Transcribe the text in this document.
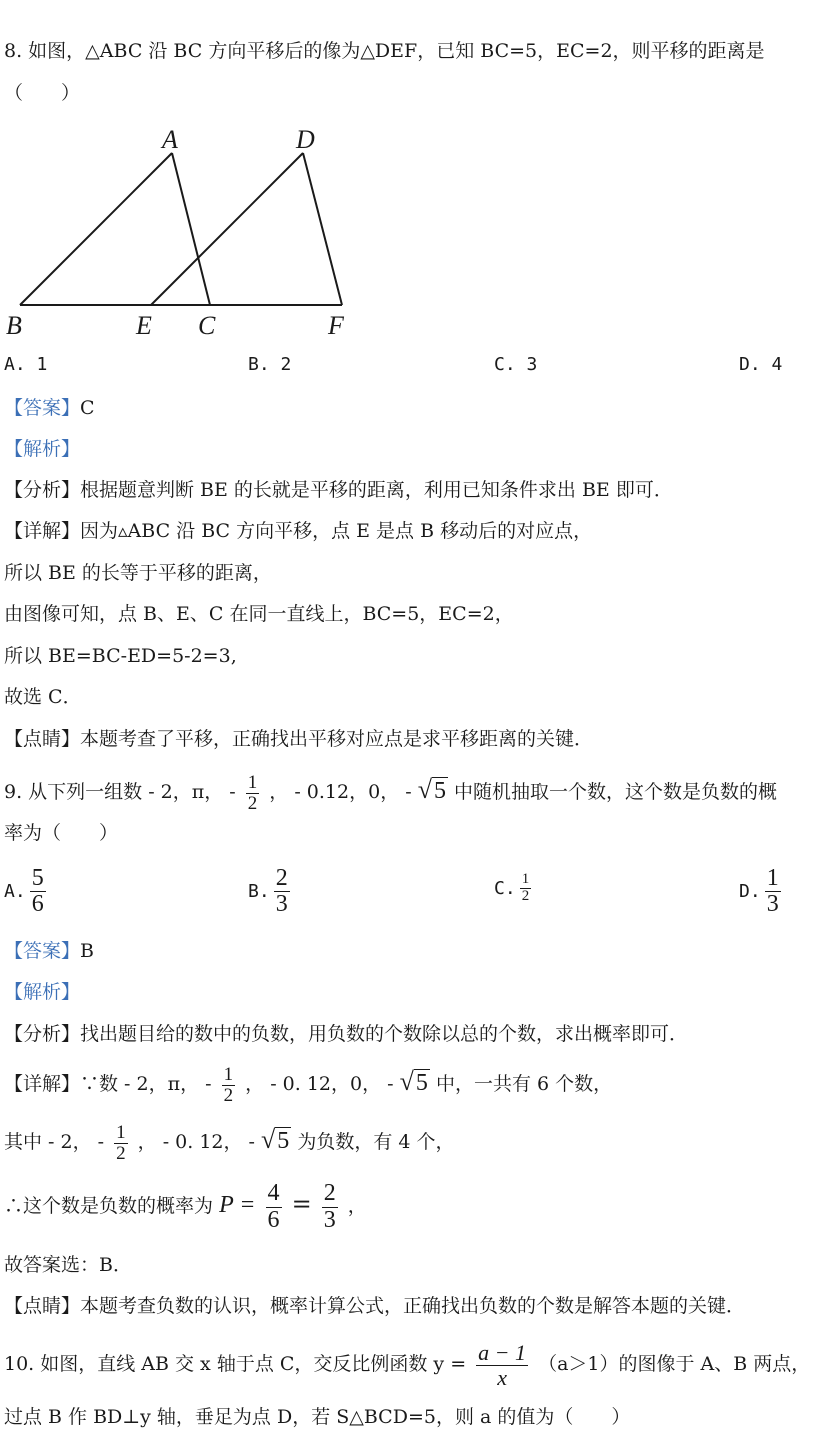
8. 如图，△ABC 沿 BC 方向平移后的像为△DEF，已知 BC=5，EC=2，则平移的距离是
（　　）
A	D
B	E C	F
A. 1	B. 2	C. 3	D. 4
【答案】C
【解析】
【分析】根据题意判断 BE 的长就是平移的距离，利用已知条件求出 BE 即可．
【详解】因为▵ABC 沿 BC 方向平移，点 E 是点 B 移动后的对应点，
所以 BE 的长等于平移的距离，
由图像可知，点 B、E、C 在同一直线上，BC=5，EC=2，
所以 BE=BC-ED=5-2=3,
故选 C．
【点睛】本题考查了平移，正确找出平移对应点是求平移距离的关键．
9. 从下列一组数 - 2，π， - $\frac{1}{2}$ ， - 0.12，0， - √5 中随机抽取一个数，这个数是负数的概
率为（　　）
A. $\frac{5}{6}$	B. $\frac{2}{3}$	C. $\frac{1}{2}$	D. $\frac{1}{3}$
【答案】B
【解析】
【分析】找出题目给的数中的负数，用负数的个数除以总的个数，求出概率即可．
【详解】∵数 - 2，π， - $\frac{1}{2}$ ， - 0. 12，0， - √5 中，一共有 6 个数，
其中 - 2， - $\frac{1}{2}$ ， - 0. 12， - √5 为负数，有 4 个，
∴这个数是负数的概率为 $P = \frac{4}{6} = \frac{2}{3}$ ，
故答案选：B．
【点睛】本题考查负数的认识，概率计算公式，正确找出负数的个数是解答本题的关键．
10. 如图，直线 AB 交 x 轴于点 C，交反比例函数 $y = \frac{a - 1}{x} (a>1)$的图像于 A、B 两点，
过点 B 作 BD⊥y 轴，垂足为点 D，若 S△BCD=5，则 a 的值为（　　）
